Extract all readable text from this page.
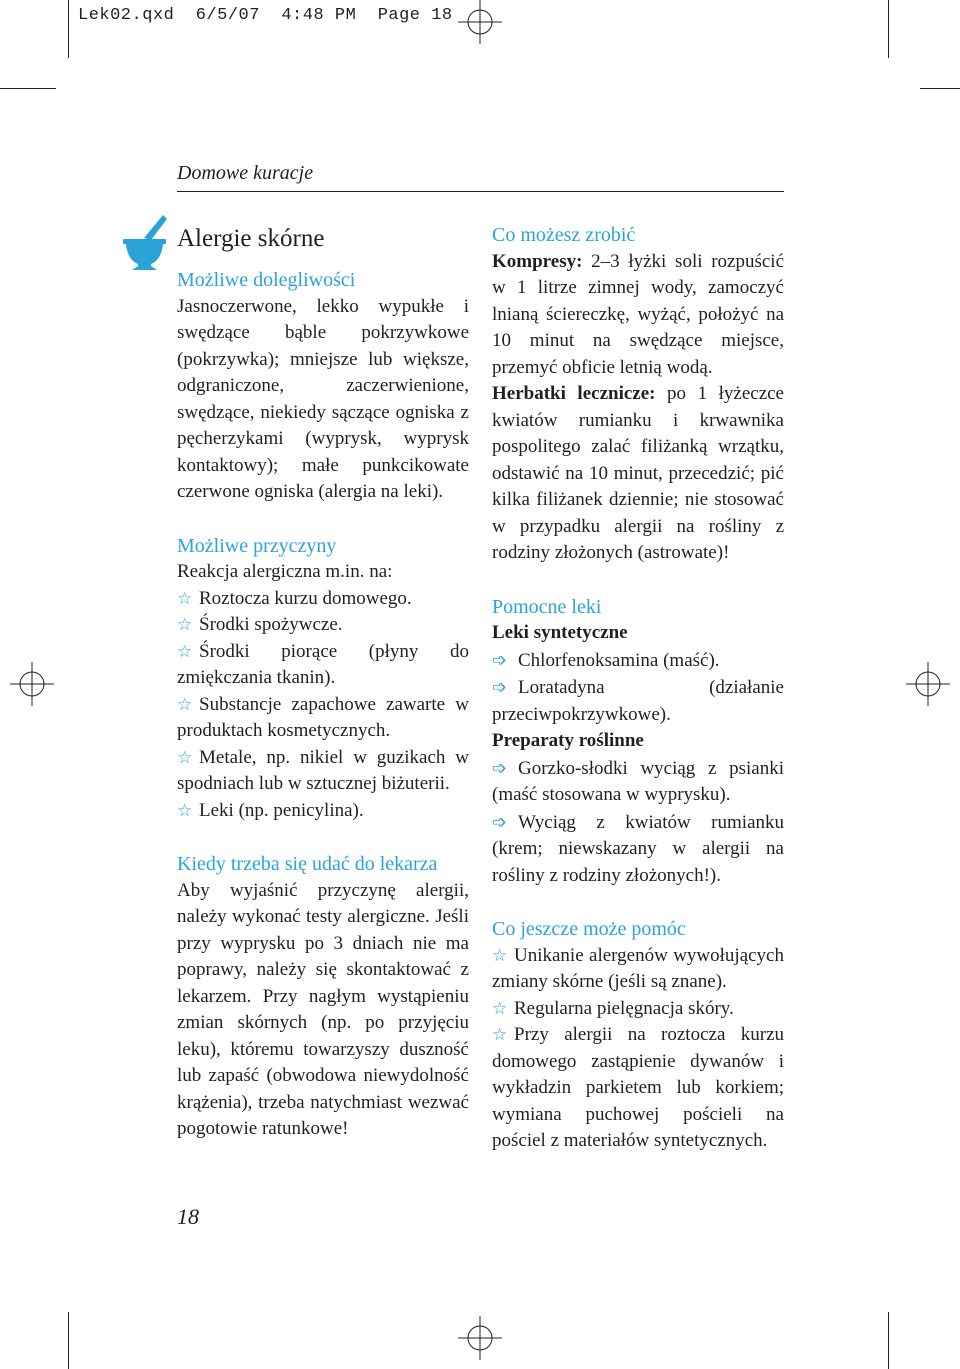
Lek02.qxd 6/5/07 4:48 PM Page 18
Domowe kuracje
Alergie skórne
Możliwe dolegliwości
Jasnoczerwone, lekko wypukłe i swędzące bąble pokrzywkowe (pokrzywka); mniejsze lub większe, odgraniczone, zaczerwienione, swędzące, niekiedy sączące ogniska z pęcherzykami (wyprysk, wyprysk kontaktowy); małe punkcikowate czerwone ogniska (alergia na leki).
Możliwe przyczyny
Reakcja alergiczna m.in. na:
☆ Roztocza kurzu domowego.
☆ Środki spożywcze.
☆ Środki piorące (płyny do zmiękczania tkanin).
☆ Substancje zapachowe zawarte w produktach kosmetycznych.
☆ Metale, np. nikiel w guzikach w spodniach lub w sztucznej biżuterii.
☆ Leki (np. penicylina).
Kiedy trzeba się udać do lekarza
Aby wyjaśnić przyczynę alergii, należy wykonać testy alergiczne. Jeśli przy wyprysku po 3 dniach nie ma poprawy, należy się skontaktować z lekarzem. Przy nagłym wystąpieniu zmian skórnych (np. po przyjęciu leku), któremu towarzyszy duszność lub zapaść (obwodowa niewydolność krążenia), trzeba natychmiast wezwać pogotowie ratunkowe!
Co możesz zrobić
Kompresy: 2–3 łyżki soli rozpuścić w 1 litrze zimnej wody, zamoczyć lnianą ściereczkę, wyżąć, położyć na 10 minut na swędzące miejsce, przemyć obficie letnią wodą.
Herbatki lecznicze: po 1 łyżeczce kwiatów rumianku i krwawnika pospolitego zalać filiżanką wrzątku, odstawić na 10 minut, przecedzić; pić kilka filiżanek dziennie; nie stosować w przypadku alergii na rośliny z rodziny złożonych (astrowate)!
Pomocne leki
Leki syntetyczne
➩ Chlorfenoksamina (maść).
➩ Loratadyna (działanie przeciwpokrzywkowe).
Preparaty roślinne
➩ Gorzko-słodki wyciąg z psianki (maść stosowana w wyprysku).
➩ Wyciąg z kwiatów rumianku (krem; niewskazany w alergii na rośliny z rodziny złożonych!).
Co jeszcze może pomóc
☆ Unikanie alergenów wywołujących zmiany skórne (jeśli są znane).
☆ Regularna pielęgnacja skóry.
☆ Przy alergii na roztocza kurzu domowego zastąpienie dywanów i wykładzin parkietem lub korkiem; wymiana puchowej pościeli na pościel z materiałów syntetycznych.
18
